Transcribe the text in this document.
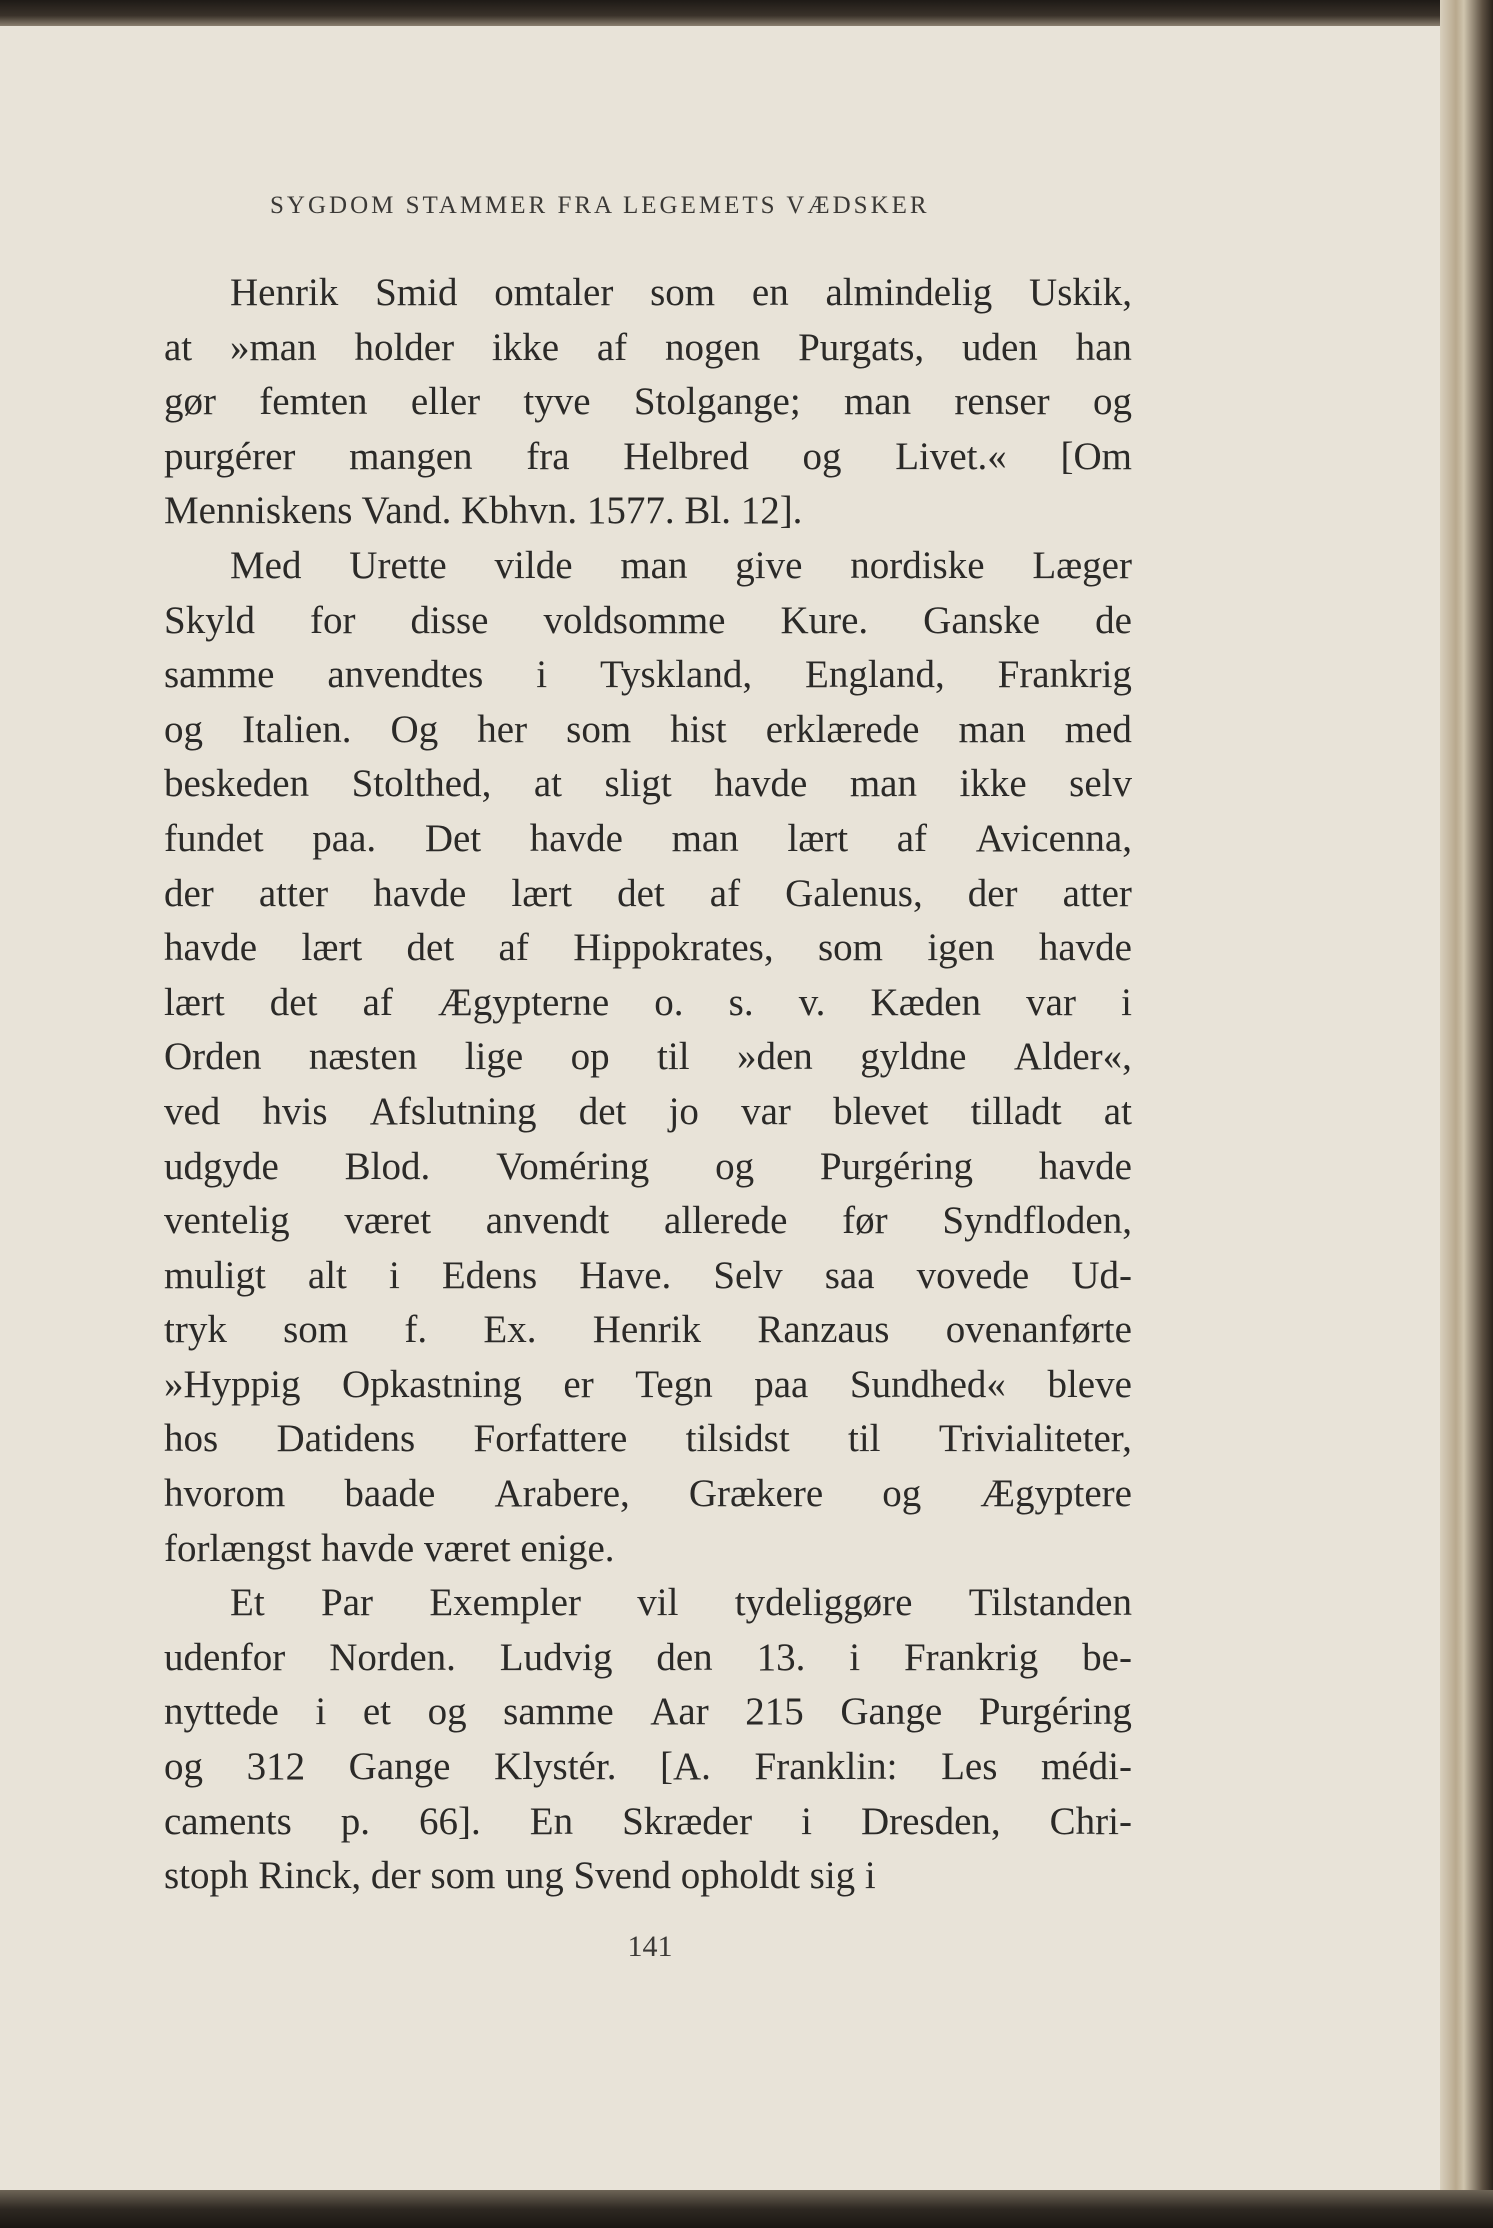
SYGDOM STAMMER FRA LEGEMETS VÆDSKER
Henrik Smid omtaler som en almindelig Uskik,
at »man holder ikke af nogen Purgats, uden han
gør femten eller tyve Stolgange; man renser og
purgérer mangen fra Helbred og Livet.« [Om
Menniskens Vand. Kbhvn. 1577. Bl. 12].
Med Urette vilde man give nordiske Læger
Skyld for disse voldsomme Kure. Ganske de
samme anvendtes i Tyskland, England, Frankrig
og Italien. Og her som hist erklærede man med
beskeden Stolthed, at sligt havde man ikke selv
fundet paa. Det havde man lært af Avicenna,
der atter havde lært det af Galenus, der atter
havde lært det af Hippokrates, som igen havde
lært det af Ægypterne o. s. v. Kæden var i
Orden næsten lige op til »den gyldne Alder«,
ved hvis Afslutning det jo var blevet tilladt at
udgyde Blod. Voméring og Purgéring havde
ventelig været anvendt allerede før Syndfloden,
muligt alt i Edens Have. Selv saa vovede Ud-
tryk som f. Ex. Henrik Ranzaus ovenanførte
»Hyppig Opkastning er Tegn paa Sundhed« bleve
hos Datidens Forfattere tilsidst til Trivialiteter,
hvorom baade Arabere, Grækere og Ægyptere
forlængst havde været enige.
Et Par Exempler vil tydeliggøre Tilstanden
udenfor Norden. Ludvig den 13. i Frankrig be-
nyttede i et og samme Aar 215 Gange Purgéring
og 312 Gange Klystér. [A. Franklin: Les médi-
caments p. 66]. En Skræder i Dresden, Chri-
stoph Rinck, der som ung Svend opholdt sig i
141
